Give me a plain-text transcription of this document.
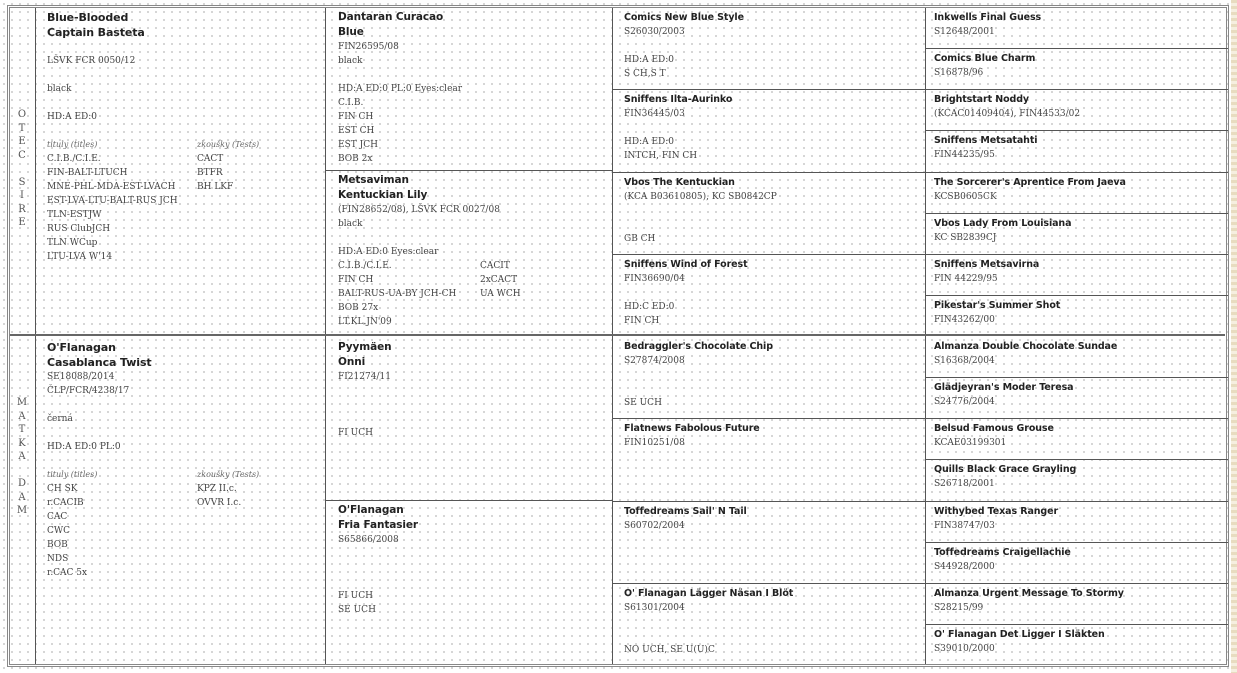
O
T
E
C
S
I
R
E
M
A
T
K
A
D
A
M
Blue-Blooded
Captain Basteta
LŠVK FCR 0050/12
black
HD:A ED:0
tituly (titles)
C.I.B./C.I.E.
FIN-BALT-LTUCH
MNE-PHL-MDA-EST-LVACH
EST-LVA-LTU-BALT-RUS JCH
TLN-ESTJW
RUS ClubJCH
TLN WCup
LTU-LVA W'14
zkoušky (Tests)
CACT
BTFR
BH LKF
O'Flanagan
Casablanca Twist
SE18088/2014
ČLP/FCR/4238/17
černá
HD:A ED:0 PL:0
tituly (titles)
CH SK
r.CACIB
CAC
CWC
BOB
NDS
r.CAC 5x
zkoušky (Tests)
KPZ II.c.
OVVR I.c.
Dantaran Curacao
Blue
FIN26595/08
black
HD:A ED:0 PL:0 Eyes:clear
C.I.B.
FIN CH
EST CH
EST JCH
BOB 2x
Metsaviman
Kentuckian Lily
(FIN28652/08), LŠVK FCR 0027/08
black
HD:A ED:0 Eyes:clear
C.I.B./C.I.E.
FIN CH
BALT-RUS-UA-BY JCH-CH
BOB 27x
LT.KL.JN'09
CACIT
2xCACT
UA WCH
Pyymäen
Onni
FI21274/11
FI UCH
O'Flanagan
Fria Fantasier
S65866/2008
FI UCH
SE UCH
Comics New Blue Style
S26030/2003
HD:A ED:0
S CH,S T
Sniffens Ilta-Aurinko
FIN36445/03
HD:A ED:0
INTCH, FIN CH
Vbos The Kentuckian
(KCA B03610805), KC SB0842CP
GB CH
Sniffens Wind of Forest
FIN36690/04
HD:C ED:0
FIN CH
Bedraggler's Chocolate Chip
S27874/2008
SE UCH
Flatnews Fabolous Future
FIN10251/08
Toffedreams Sail' N Tail
S60702/2004
O' Flanagan Lägger Näsan I Blöt
S61301/2004
NO UCH, SE U(U)C
Inkwells Final Guess
S12648/2001
Comics Blue Charm
S16878/96
Brightstart Noddy
(KCAC01409404), FIN44533/02
Sniffens Metsatahti
FIN44235/95
The Sorcerer's Aprentice From Jaeva
KCSB0605CK
Vbos Lady From Louisiana
KC SB2839CJ
Sniffens Metsavirna
FIN 44229/95
Pikestar's Summer Shot
FIN43262/00
Almanza Double Chocolate Sundae
S16368/2004
Glädjeyran's Moder Teresa
S24776/2004
Belsud Famous Grouse
KCAE03199301
Quills Black Grace Grayling
S26718/2001
Withybed Texas Ranger
FIN38747/03
Toffedreams Craigellachie
S44928/2000
Almanza Urgent Message To Stormy
S28215/99
O' Flanagan Det Ligger I Släkten
S39010/2000
